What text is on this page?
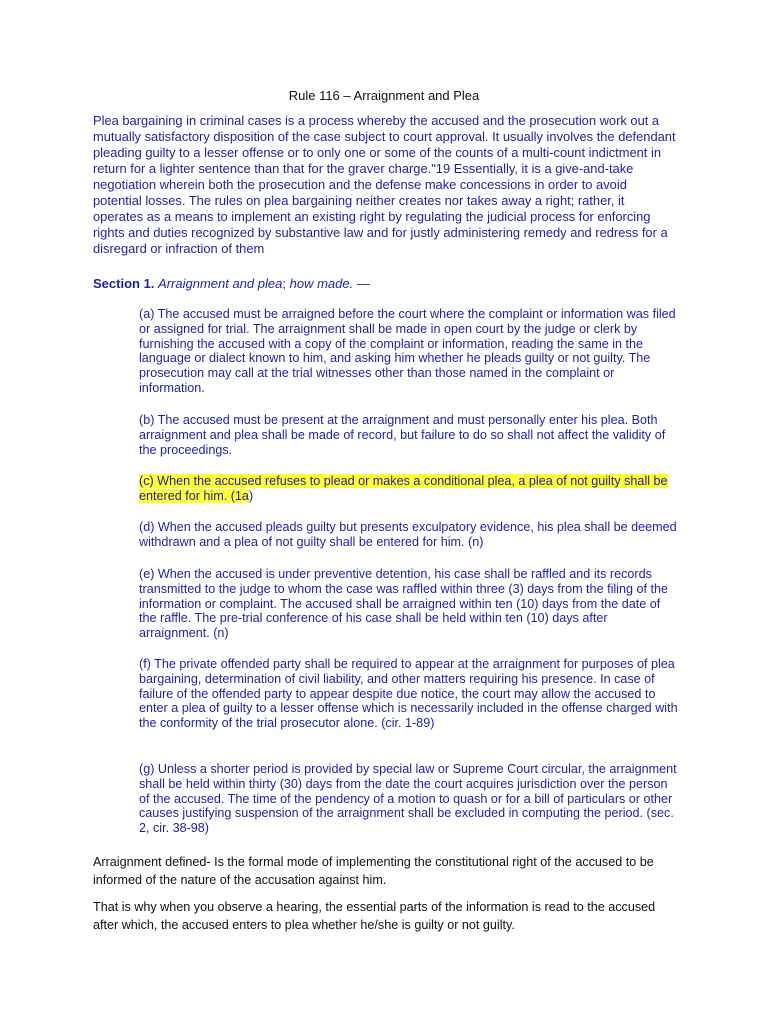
Rule 116 – Arraignment and Plea

Plea bargaining in criminal cases is a process whereby the accused and the prosecution work out a mutually satisfactory disposition of the case subject to court approval. It usually involves the defendant pleading guilty to a lesser offense or to only one or some of the counts of a multi-count indictment in return for a lighter sentence than that for the graver charge."19 Essentially, it is a give-and-take negotiation wherein both the prosecution and the defense make concessions in order to avoid potential losses. The rules on plea bargaining neither creates nor takes away a right; rather, it operates as a means to implement an existing right by regulating the judicial process for enforcing rights and duties recognized by substantive law and for justly administering remedy and redress for a disregard or infraction of them

Section 1. Arraignment and plea; how made. —

(a) The accused must be arraigned before the court where the complaint or information was filed or assigned for trial. The arraignment shall be made in open court by the judge or clerk by furnishing the accused with a copy of the complaint or information, reading the same in the language or dialect known to him, and asking him whether he pleads guilty or not guilty. The prosecution may call at the trial witnesses other than those named in the complaint or information.

(b) The accused must be present at the arraignment and must personally enter his plea. Both arraignment and plea shall be made of record, but failure to do so shall not affect the validity of the proceedings.

(c) When the accused refuses to plead or makes a conditional plea, a plea of not guilty shall be entered for him. (1a)

(d) When the accused pleads guilty but presents exculpatory evidence, his plea shall be deemed withdrawn and a plea of not guilty shall be entered for him. (n)

(e) When the accused is under preventive detention, his case shall be raffled and its records transmitted to the judge to whom the case was raffled within three (3) days from the filing of the information or complaint. The accused shall be arraigned within ten (10) days from the date of the raffle. The pre-trial conference of his case shall be held within ten (10) days after arraignment. (n)

(f) The private offended party shall be required to appear at the arraignment for purposes of plea bargaining, determination of civil liability, and other matters requiring his presence. In case of failure of the offended party to appear despite due notice, the court may allow the accused to enter a plea of guilty to a lesser offense which is necessarily included in the offense charged with the conformity of the trial prosecutor alone. (cir. 1-89)

(g) Unless a shorter period is provided by special law or Supreme Court circular, the arraignment shall be held within thirty (30) days from the date the court acquires jurisdiction over the person of the accused. The time of the pendency of a motion to quash or for a bill of particulars or other causes justifying suspension of the arraignment shall be excluded in computing the period. (sec. 2, cir. 38-98)

Arraignment defined- Is the formal mode of implementing the constitutional right of the accused to be informed of the nature of the accusation against him.

That is why when you observe a hearing, the essential parts of the information is read to the accused after which, the accused enters to plea whether he/she is guilty or not guilty.
